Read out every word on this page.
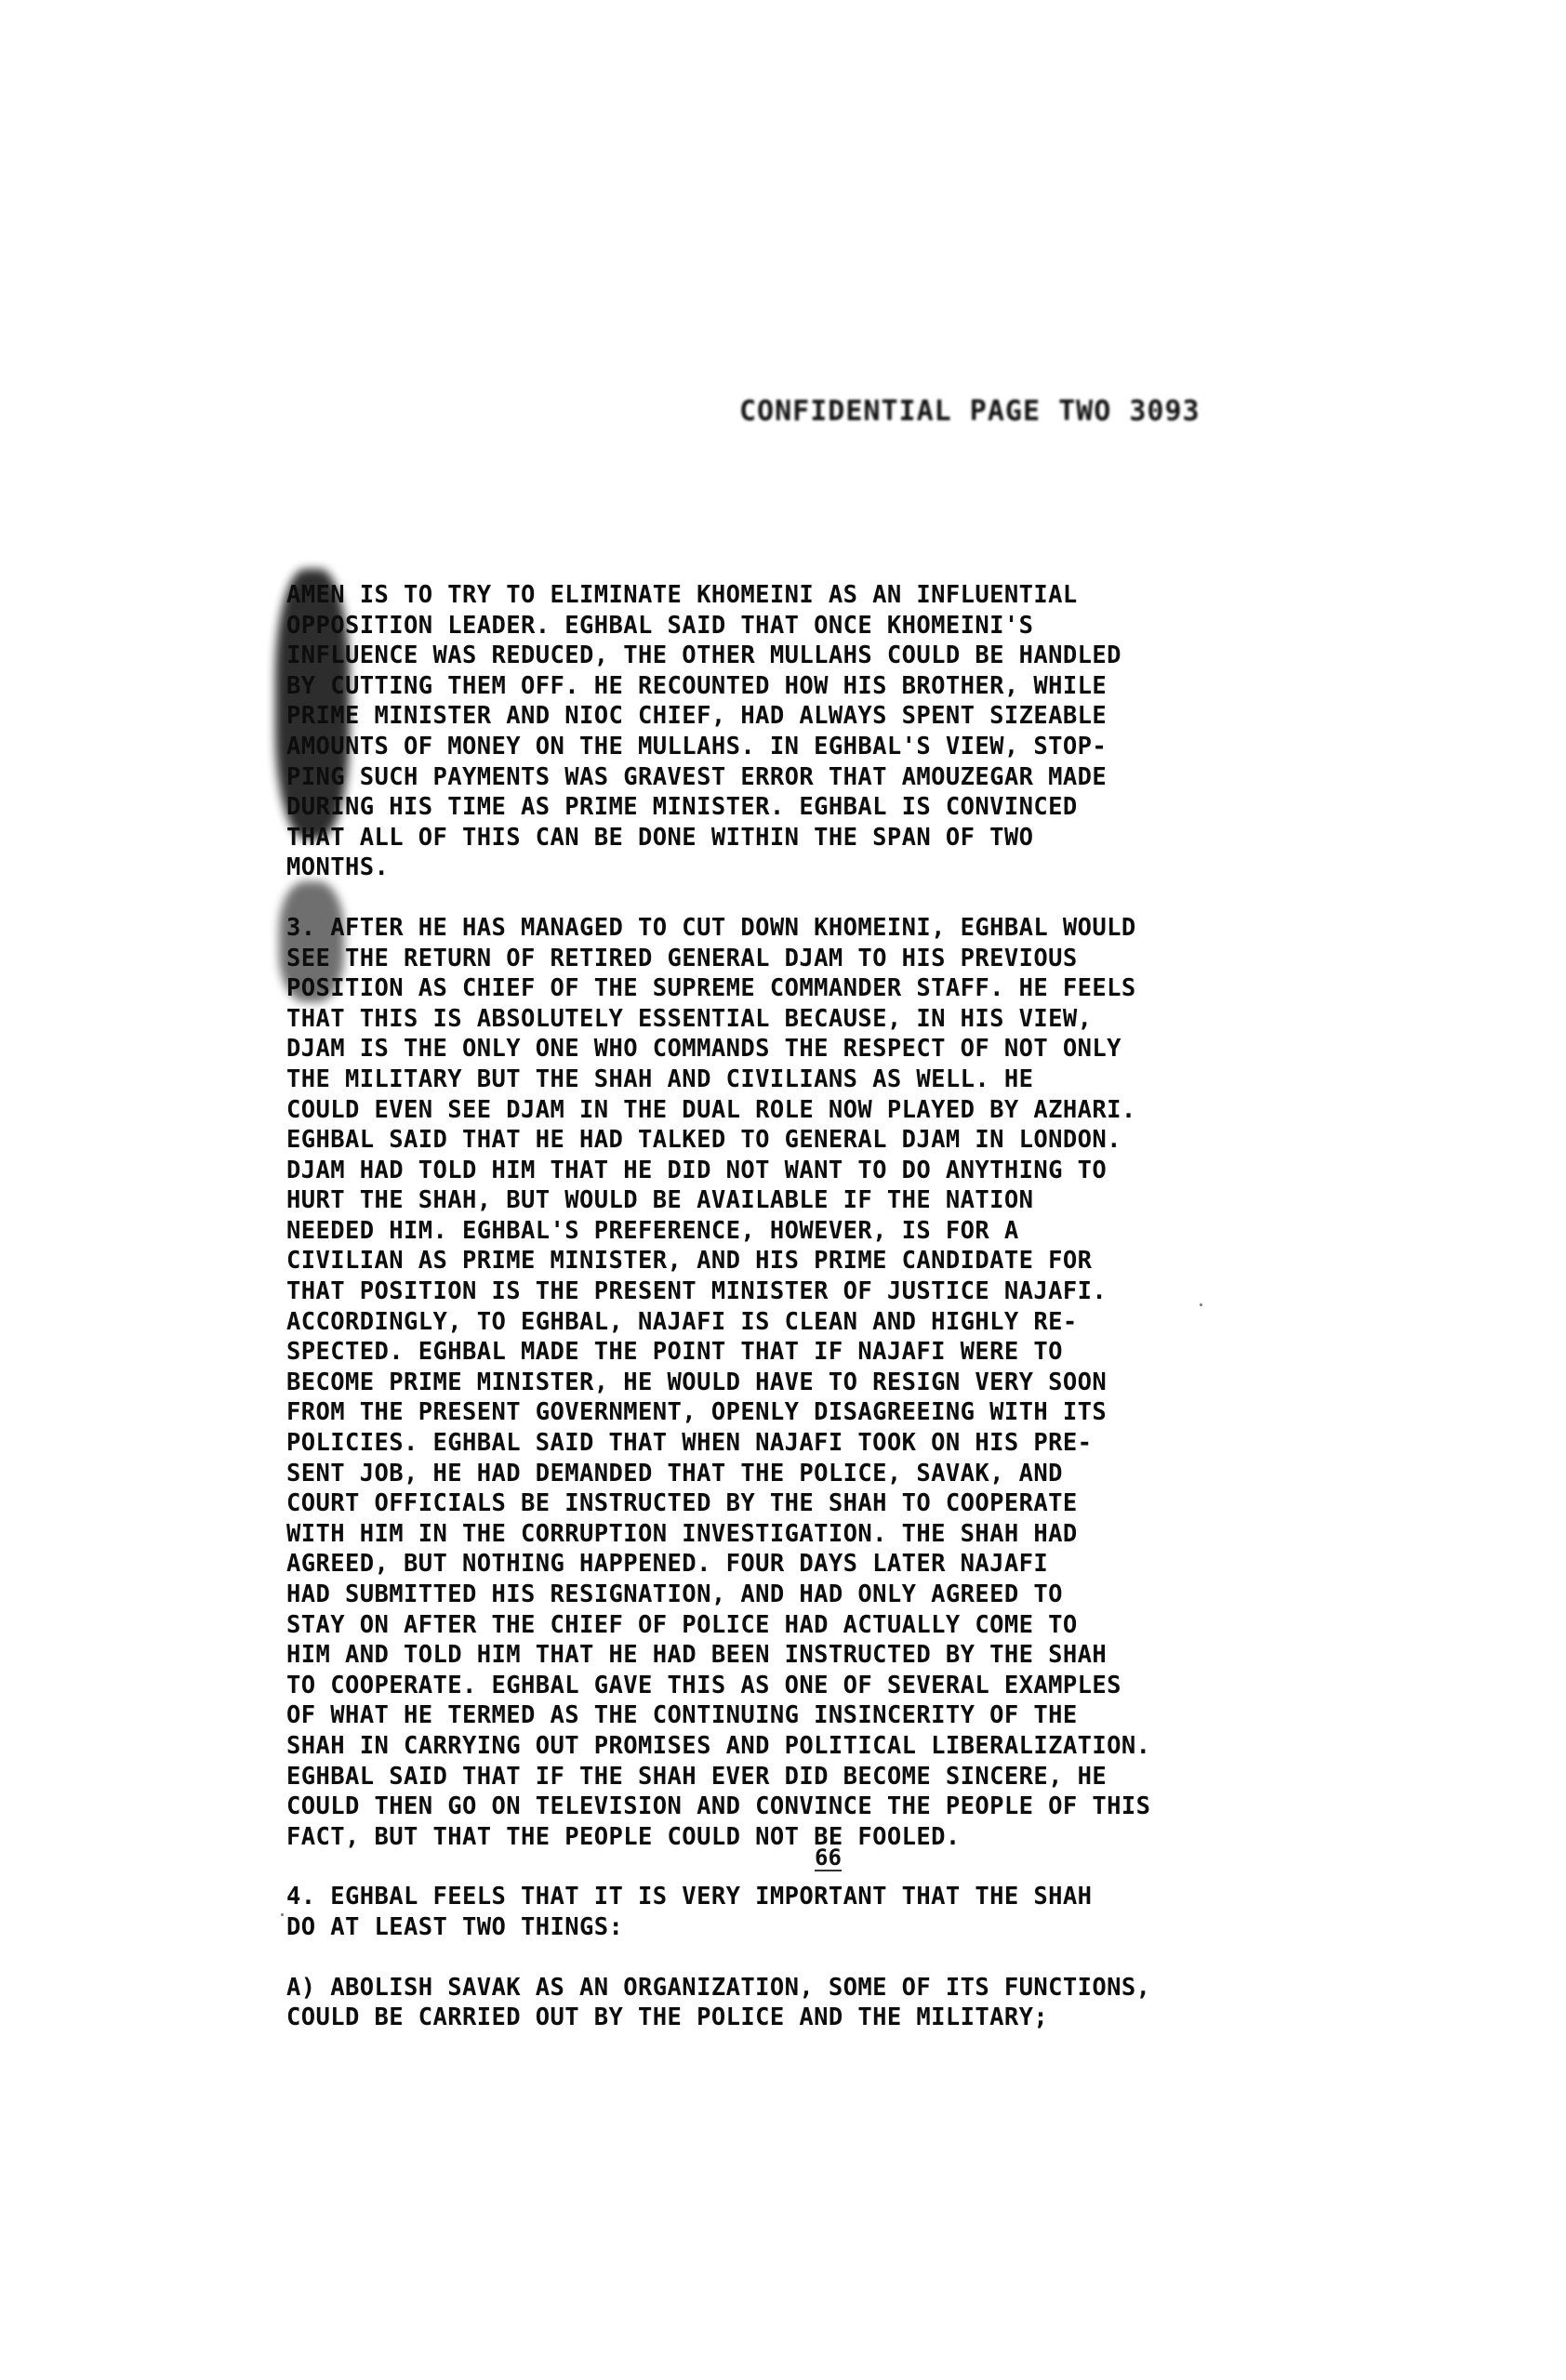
CONFIDENTIAL PAGE TWO 3093
AMEN IS TO TRY TO ELIMINATE KHOMEINI AS AN INFLUENTIAL
OPPOSITION LEADER. EGHBAL SAID THAT ONCE KHOMEINI'S
INFLUENCE WAS REDUCED, THE OTHER MULLAHS COULD BE HANDLED
BY CUTTING THEM OFF. HE RECOUNTED HOW HIS BROTHER, WHILE
PRIME MINISTER AND NIOC CHIEF, HAD ALWAYS SPENT SIZEABLE
AMOUNTS OF MONEY ON THE MULLAHS. IN EGHBAL'S VIEW, STOP-
PING SUCH PAYMENTS WAS GRAVEST ERROR THAT AMOUZEGAR MADE
DURING HIS TIME AS PRIME MINISTER. EGHBAL IS CONVINCED
THAT ALL OF THIS CAN BE DONE WITHIN THE SPAN OF TWO
MONTHS.
3. AFTER HE HAS MANAGED TO CUT DOWN KHOMEINI, EGHBAL WOULD
SEE THE RETURN OF RETIRED GENERAL DJAM TO HIS PREVIOUS
POSITION AS CHIEF OF THE SUPREME COMMANDER STAFF. HE FEELS
THAT THIS IS ABSOLUTELY ESSENTIAL BECAUSE, IN HIS VIEW,
DJAM IS THE ONLY ONE WHO COMMANDS THE RESPECT OF NOT ONLY
THE MILITARY BUT THE SHAH AND CIVILIANS AS WELL. HE
COULD EVEN SEE DJAM IN THE DUAL ROLE NOW PLAYED BY AZHARI.
EGHBAL SAID THAT HE HAD TALKED TO GENERAL DJAM IN LONDON.
DJAM HAD TOLD HIM THAT HE DID NOT WANT TO DO ANYTHING TO
HURT THE SHAH, BUT WOULD BE AVAILABLE IF THE NATION
NEEDED HIM. EGHBAL'S PREFERENCE, HOWEVER, IS FOR A
CIVILIAN AS PRIME MINISTER, AND HIS PRIME CANDIDATE FOR
THAT POSITION IS THE PRESENT MINISTER OF JUSTICE NAJAFI.
ACCORDINGLY, TO EGHBAL, NAJAFI IS CLEAN AND HIGHLY RE-
SPECTED. EGHBAL MADE THE POINT THAT IF NAJAFI WERE TO
BECOME PRIME MINISTER, HE WOULD HAVE TO RESIGN VERY SOON
FROM THE PRESENT GOVERNMENT, OPENLY DISAGREEING WITH ITS
POLICIES. EGHBAL SAID THAT WHEN NAJAFI TOOK ON HIS PRE-
SENT JOB, HE HAD DEMANDED THAT THE POLICE, SAVAK, AND
COURT OFFICIALS BE INSTRUCTED BY THE SHAH TO COOPERATE
WITH HIM IN THE CORRUPTION INVESTIGATION. THE SHAH HAD
AGREED, BUT NOTHING HAPPENED. FOUR DAYS LATER NAJAFI
HAD SUBMITTED HIS RESIGNATION, AND HAD ONLY AGREED TO
STAY ON AFTER THE CHIEF OF POLICE HAD ACTUALLY COME TO
HIM AND TOLD HIM THAT HE HAD BEEN INSTRUCTED BY THE SHAH
TO COOPERATE. EGHBAL GAVE THIS AS ONE OF SEVERAL EXAMPLES
OF WHAT HE TERMED AS THE CONTINUING INSINCERITY OF THE
SHAH IN CARRYING OUT PROMISES AND POLITICAL LIBERALIZATION.
EGHBAL SAID THAT IF THE SHAH EVER DID BECOME SINCERE, HE
COULD THEN GO ON TELEVISION AND CONVINCE THE PEOPLE OF THIS
FACT, BUT THAT THE PEOPLE COULD NOT BE FOOLED.
4. EGHBAL FEELS THAT IT IS VERY IMPORTANT THAT THE SHAH
DO AT LEAST TWO THINGS:
A) ABOLISH SAVAK AS AN ORGANIZATION, SOME OF ITS FUNCTIONS,
COULD BE CARRIED OUT BY THE POLICE AND THE MILITARY;
66
